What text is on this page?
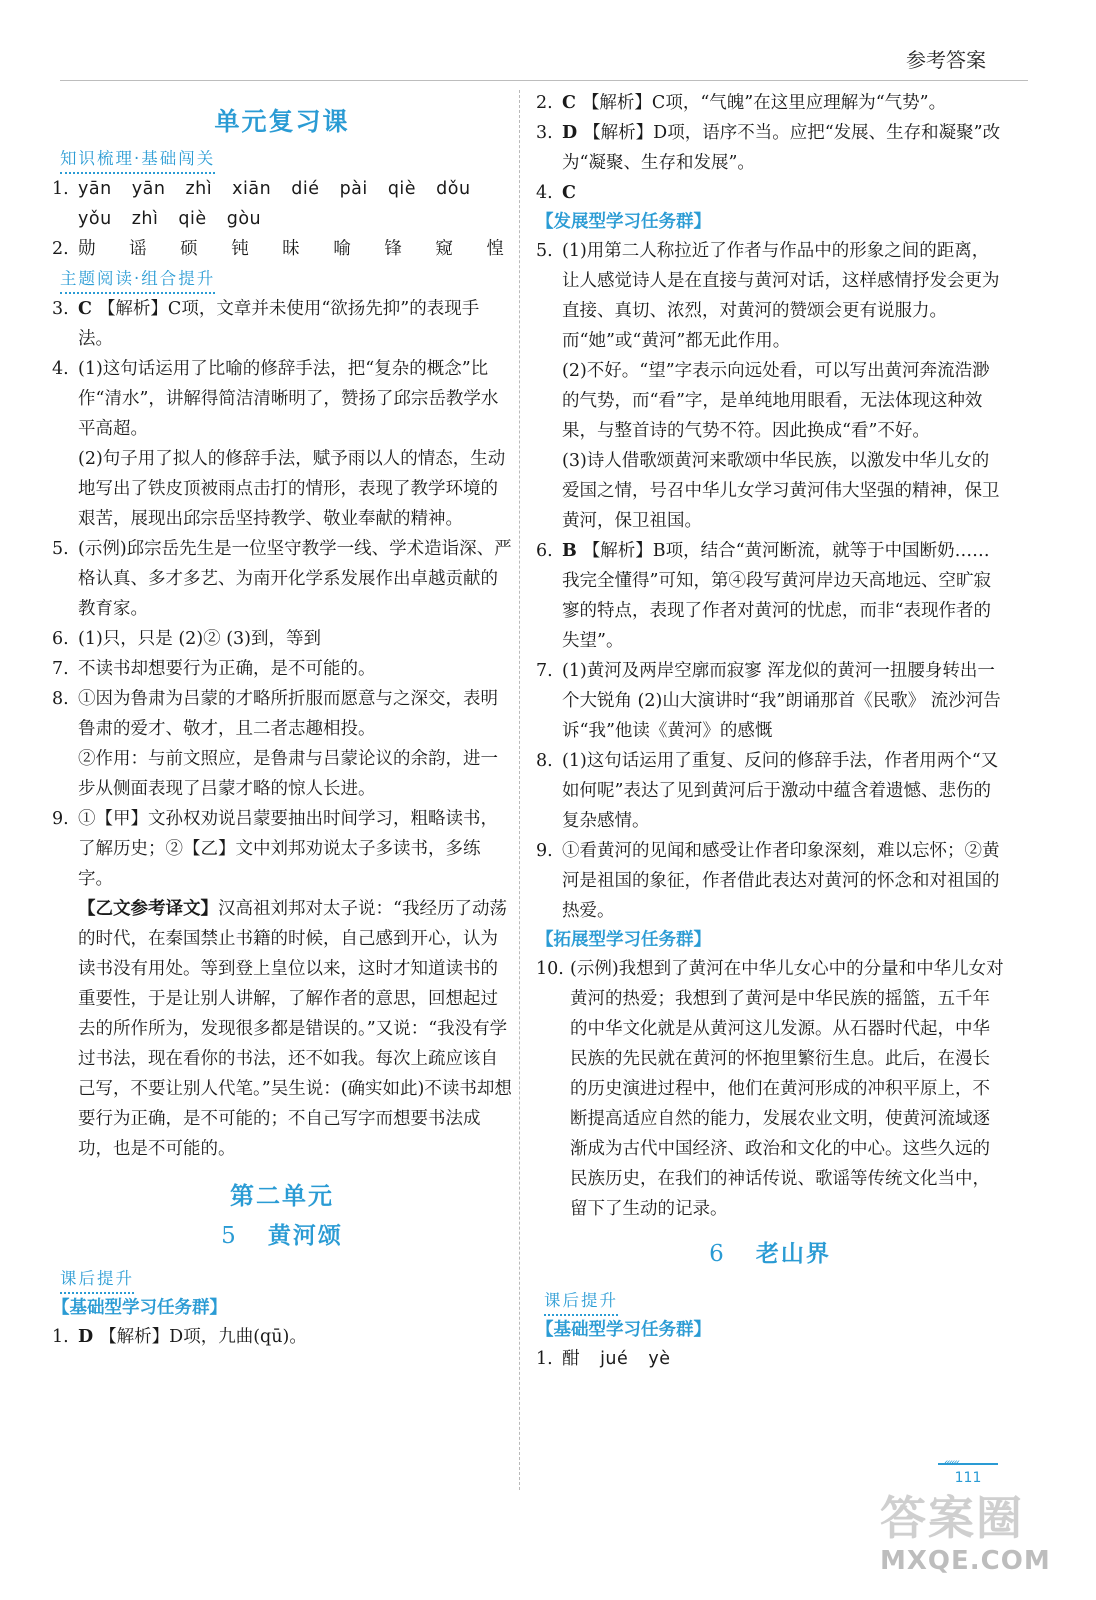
参考答案
单元复习课
知识梳理·基础闯关
1. yān yān zhì xiān dié pài qiè dǒu

yǒu zhì qiè gòu

2. 勋 谣 硕 钝 昧 喻 锋 窥 惶

主题阅读·组合提升
3. C 【解析】C项，文章并未使用“欲扬先抑”的表现手法。

4. (1)这句话运用了比喻的修辞手法，把“复杂的概念”比作“清水”，讲解得简洁清晰明了，赞扬了邱宗岳教学水平高超。

(2)句子用了拟人的修辞手法，赋予雨以人的情态，生动地写出了铁皮顶被雨点击打的情形，表现了教学环境的艰苦，展现出邱宗岳坚持教学、敬业奉献的精神。

5. (示例)邱宗岳先生是一位坚守教学一线、学术造诣深、严格认真、多才多艺、为南开化学系发展作出卓越贡献的教育家。

6. (1)只，只是 (2)② (3)到，等到

7. 不读书却想要行为正确，是不可能的。

8. ①因为鲁肃为吕蒙的才略所折服而愿意与之深交，表明鲁肃的爱才、敬才，且二者志趣相投。

②作用：与前文照应，是鲁肃与吕蒙论议的余韵，进一步从侧面表现了吕蒙才略的惊人长进。

9. ①【甲】文孙权劝说吕蒙要抽出时间学习，粗略读书，了解历史；②【乙】文中刘邦劝说太子多读书，多练字。

【乙文参考译文】汉高祖刘邦对太子说：“我经历了动荡的时代，在秦国禁止书籍的时候，自己感到开心，认为读书没有用处。等到登上皇位以来，这时才知道读书的重要性，于是让别人讲解，了解作者的意思，回想起过去的所作所为，发现很多都是错误的。”又说：“我没有学过书法，现在看你的书法，还不如我。每次上疏应该自己写，不要让别人代笔。”吴生说：(确实如此)不读书却想要行为正确，是不可能的；不自己写字而想要书法成功，也是不可能的。

第二单元
5 黄河颂
课后提升
【基础型学习任务群】
1. D 【解析】D项，九曲(qū)。

2. C 【解析】C项，“气魄”在这里应理解为“气势”。

3. D 【解析】D项，语序不当。应把“发展、生存和凝聚”改为“凝聚、生存和发展”。

4. C

【发展型学习任务群】
5. (1)用第二人称拉近了作者与作品中的形象之间的距离，让人感觉诗人是在直接与黄河对话，这样感情抒发会更为直接、真切、浓烈，对黄河的赞颂会更有说服力。而“她”或“黄河”都无此作用。

(2)不好。“望”字表示向远处看，可以写出黄河奔流浩渺的气势，而“看”字，是单纯地用眼看，无法体现这种效果，与整首诗的气势不符。因此换成“看”不好。

(3)诗人借歌颂黄河来歌颂中华民族，以激发中华儿女的爱国之情，号召中华儿女学习黄河伟大坚强的精神，保卫黄河，保卫祖国。

6. B 【解析】B项，结合“黄河断流，就等于中国断奶……我完全懂得”可知，第④段写黄河岸边天高地远、空旷寂寥的特点，表现了作者对黄河的忧虑，而非“表现作者的失望”。

7. (1)黄河及两岸空廓而寂寥 浑龙似的黄河一扭腰身转出一个大锐角 (2)山大演讲时“我”朗诵那首《民歌》 流沙河告诉“我”他读《黄河》的感慨

8. (1)这句话运用了重复、反问的修辞手法，作者用两个“又如何呢”表达了见到黄河后于激动中蕴含着遗憾、悲伤的复杂感情。

9. ①看黄河的见闻和感受让作者印象深刻，难以忘怀；②黄河是祖国的象征，作者借此表达对黄河的怀念和对祖国的热爱。

【拓展型学习任务群】
10. (示例)我想到了黄河在中华儿女心中的分量和中华儿女对黄河的热爱；我想到了黄河是中华民族的摇篮，五千年的中华文化就是从黄河这儿发源。从石器时代起，中华民族的先民就在黄河的怀抱里繁衍生息。此后，在漫长的历史演进过程中，他们在黄河形成的冲积平原上，不断提高适应自然的能力，发展农业文明，使黄河流域逐渐成为古代中国经济、政治和文化的中心。这些久远的民族历史，在我们的神话传说、歌谣等传统文化当中，留下了生动的记录。

6 老山界
课后提升
【基础型学习任务群】
1. 酣 jué yè

«««
111
答案圈
MXQE.COM
